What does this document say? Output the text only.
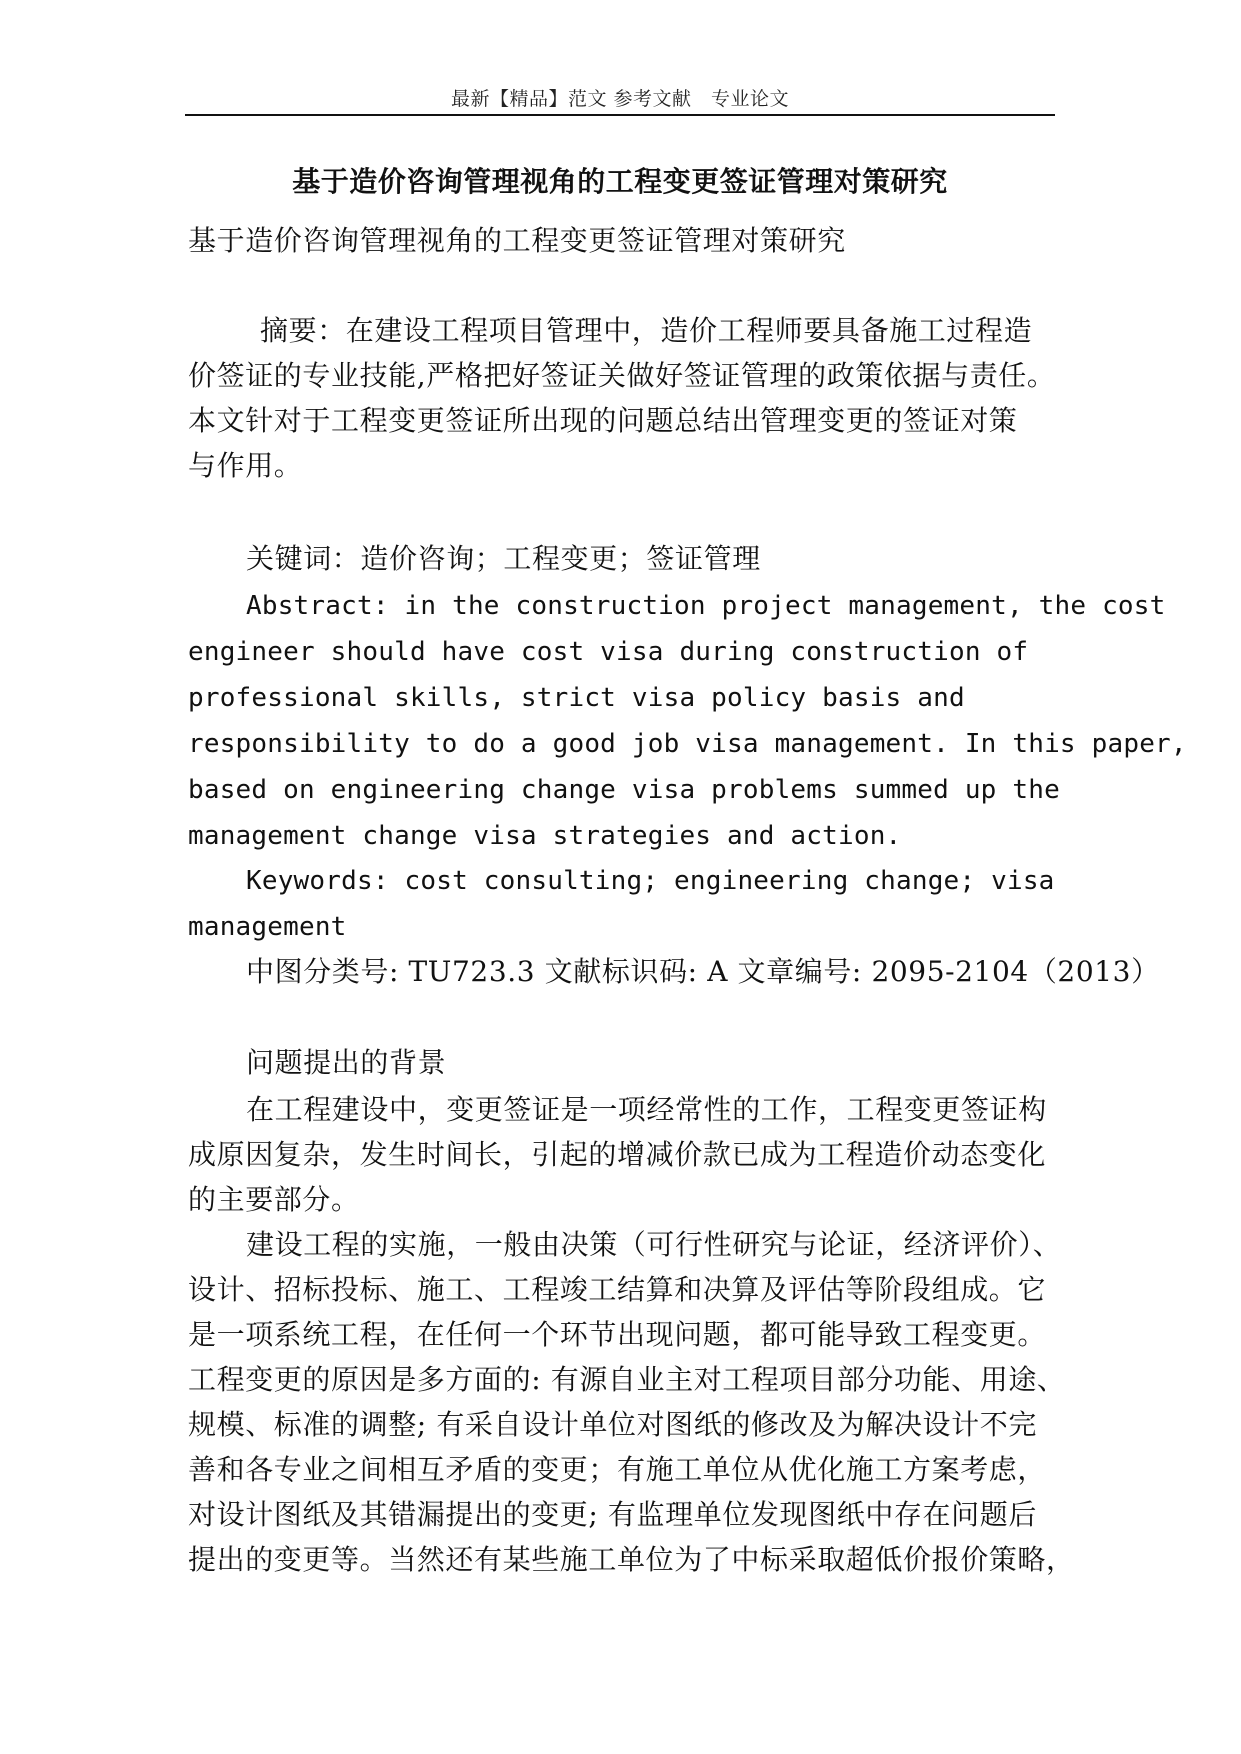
最新【精品】范文 参考文献　专业论文
基于造价咨询管理视角的工程变更签证管理对策研究
基于造价咨询管理视角的工程变更签证管理对策研究
摘要：在建设工程项目管理中，造价工程师要具备施工过程造
价签证的专业技能,严格把好签证关做好签证管理的政策依据与责任。
本文针对于工程变更签证所出现的问题总结出管理变更的签证对策
与作用。
关键词：造价咨询；工程变更；签证管理
Abstract: in the construction project management, the cost
engineer should have cost visa during construction of
professional skills, strict visa policy basis and
responsibility to do a good job visa management. In this paper,
based on engineering change visa problems summed up the
management change visa strategies and action.
Keywords: cost consulting; engineering change; visa
management
中图分类号: TU723.3 文献标识码: A 文章编号: 2095-2104（2013）
问题提出的背景
在工程建设中，变更签证是一项经常性的工作，工程变更签证构
成原因复杂，发生时间长，引起的增减价款已成为工程造价动态变化
的主要部分。
建设工程的实施，一般由决策（可行性研究与论证，经济评价）、
设计、招标投标、施工、工程竣工结算和决算及评估等阶段组成。它
是一项系统工程，在任何一个环节出现问题，都可能导致工程变更。
工程变更的原因是多方面的: 有源自业主对工程项目部分功能、用途、
规模、标准的调整; 有采自设计单位对图纸的修改及为解决设计不完
善和各专业之间相互矛盾的变更；有施工单位从优化施工方案考虑，
对设计图纸及其错漏提出的变更; 有监理单位发现图纸中存在问题后
提出的变更等。当然还有某些施工单位为了中标采取超低价报价策略，
